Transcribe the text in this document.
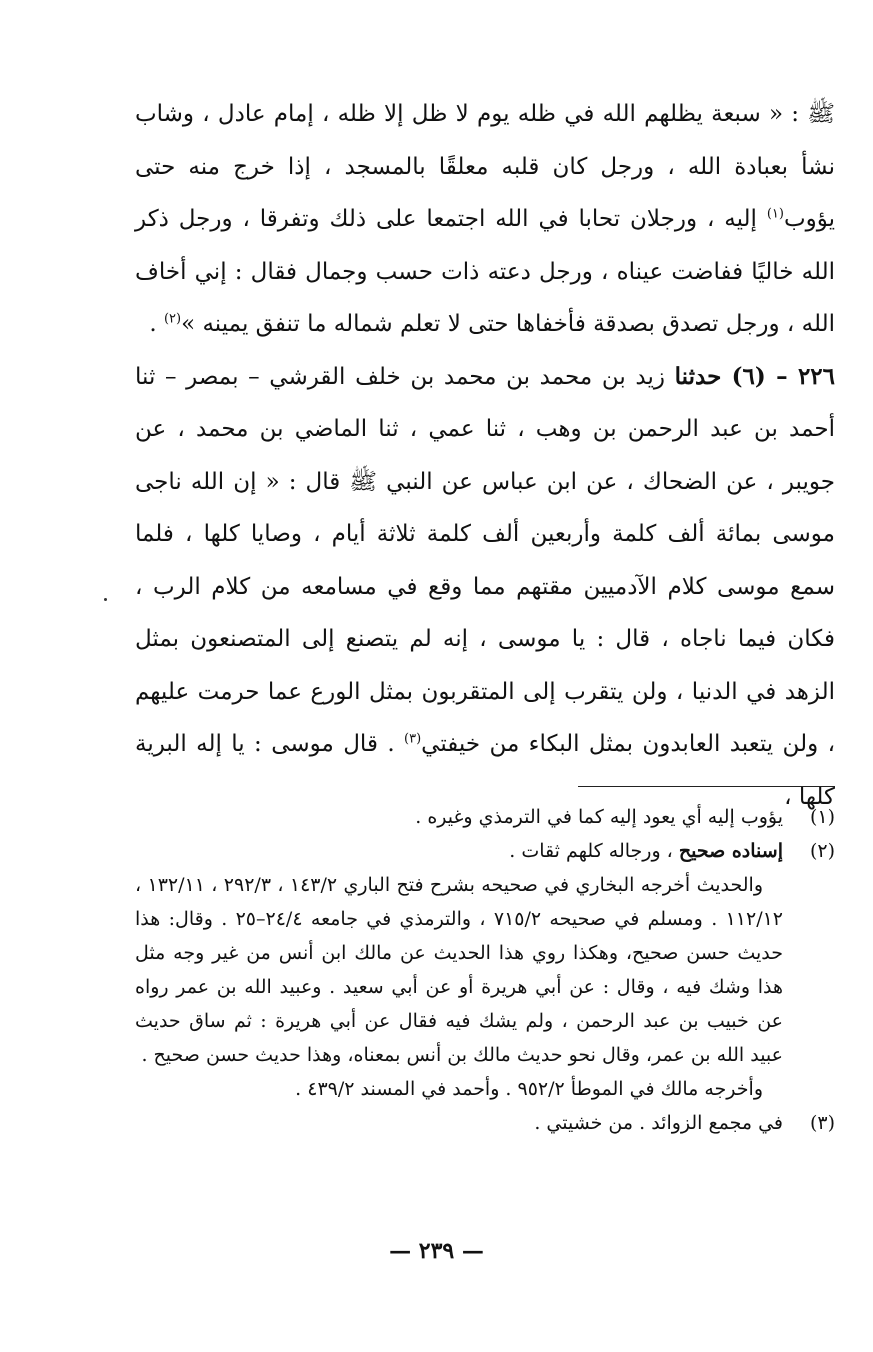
ﷺ : « سبعة يظلهم الله في ظله يوم لا ظل إلا ظله ، إمام عادل ، وشاب نشأ بعبادة الله ، ورجل كان قلبه معلقًا بالمسجد ، إذا خرج منه حتى يؤوب$^{(١)}$ إليه ، ورجلان تحابا في الله اجتمعا على ذلك وتفرقا ، ورجل ذكر الله خاليًا ففاضت عيناه ، ورجل دعته ذات حسب وجمال فقال : إني أخاف الله ، ورجل تصدق بصدقة فأخفاها حتى لا تعلم شماله ما تنفق يمينه »$^{(٢)}$ .

٢٢٦ – (٦) حدثنا زيد بن محمد بن محمد بن خلف القرشي – بمصر – ثنا أحمد بن عبد الرحمن بن وهب ، ثنا عمي ، ثنا الماضي بن محمد ، عن جويبر ، عن الضحاك ، عن ابن عباس عن النبي ﷺ قال : « إن الله ناجى موسى بمائة ألف كلمة وأربعين ألف كلمة ثلاثة أيام ، وصايا كلها ، فلما سمع موسى كلام الآدميين مقتهم مما وقع في مسامعه من كلام الرب ، فكان فيما ناجاه ، قال : يا موسى ، إنه لم يتصنع إلى المتصنعون بمثل الزهد في الدنيا ، ولن يتقرب إلى المتقربون بمثل الورع عما حرمت عليهم ، ولن يتعبد العابدون بمثل البكاء من خيفتي$^{(٣)}$ . قال موسى : يا إله البرية كلها ،

(١)
يؤوب إليه أي يعود إليه كما في الترمذي وغيره .
(٢)
إسناده صحيح ، ورجاله كلهم ثقات .

والحديث أخرجه البخاري في صحيحه بشرح فتح الباري ١٤٣/٢ ، ٢٩٢/٣ ، ١٣٢/١١ ، ١١٢/١٢ . ومسلم في صحيحه ٧١٥/٢ ، والترمذي في جامعه ٢٤/٤–٢٥ . وقال: هذا حديث حسن صحيح، وهكذا روي هذا الحديث عن مالك ابن أنس من غير وجه مثل هذا وشك فيه ، وقال : عن أبي هريرة أو عن أبي سعيد . وعبيد الله بن عمر رواه عن خبيب بن عبد الرحمن ، ولم يشك فيه فقال عن أبي هريرة : ثم ساق حديث عبيد الله بن عمر، وقال نحو حديث مالك بن أنس بمعناه، وهذا حديث حسن صحيح .

وأخرجه مالك في الموطأ ٩٥٢/٢ . وأحمد في المسند ٤٣٩/٢ .

(٣)
في مجمع الزوائد . من خشيتي .
— ٢٣٩ —
